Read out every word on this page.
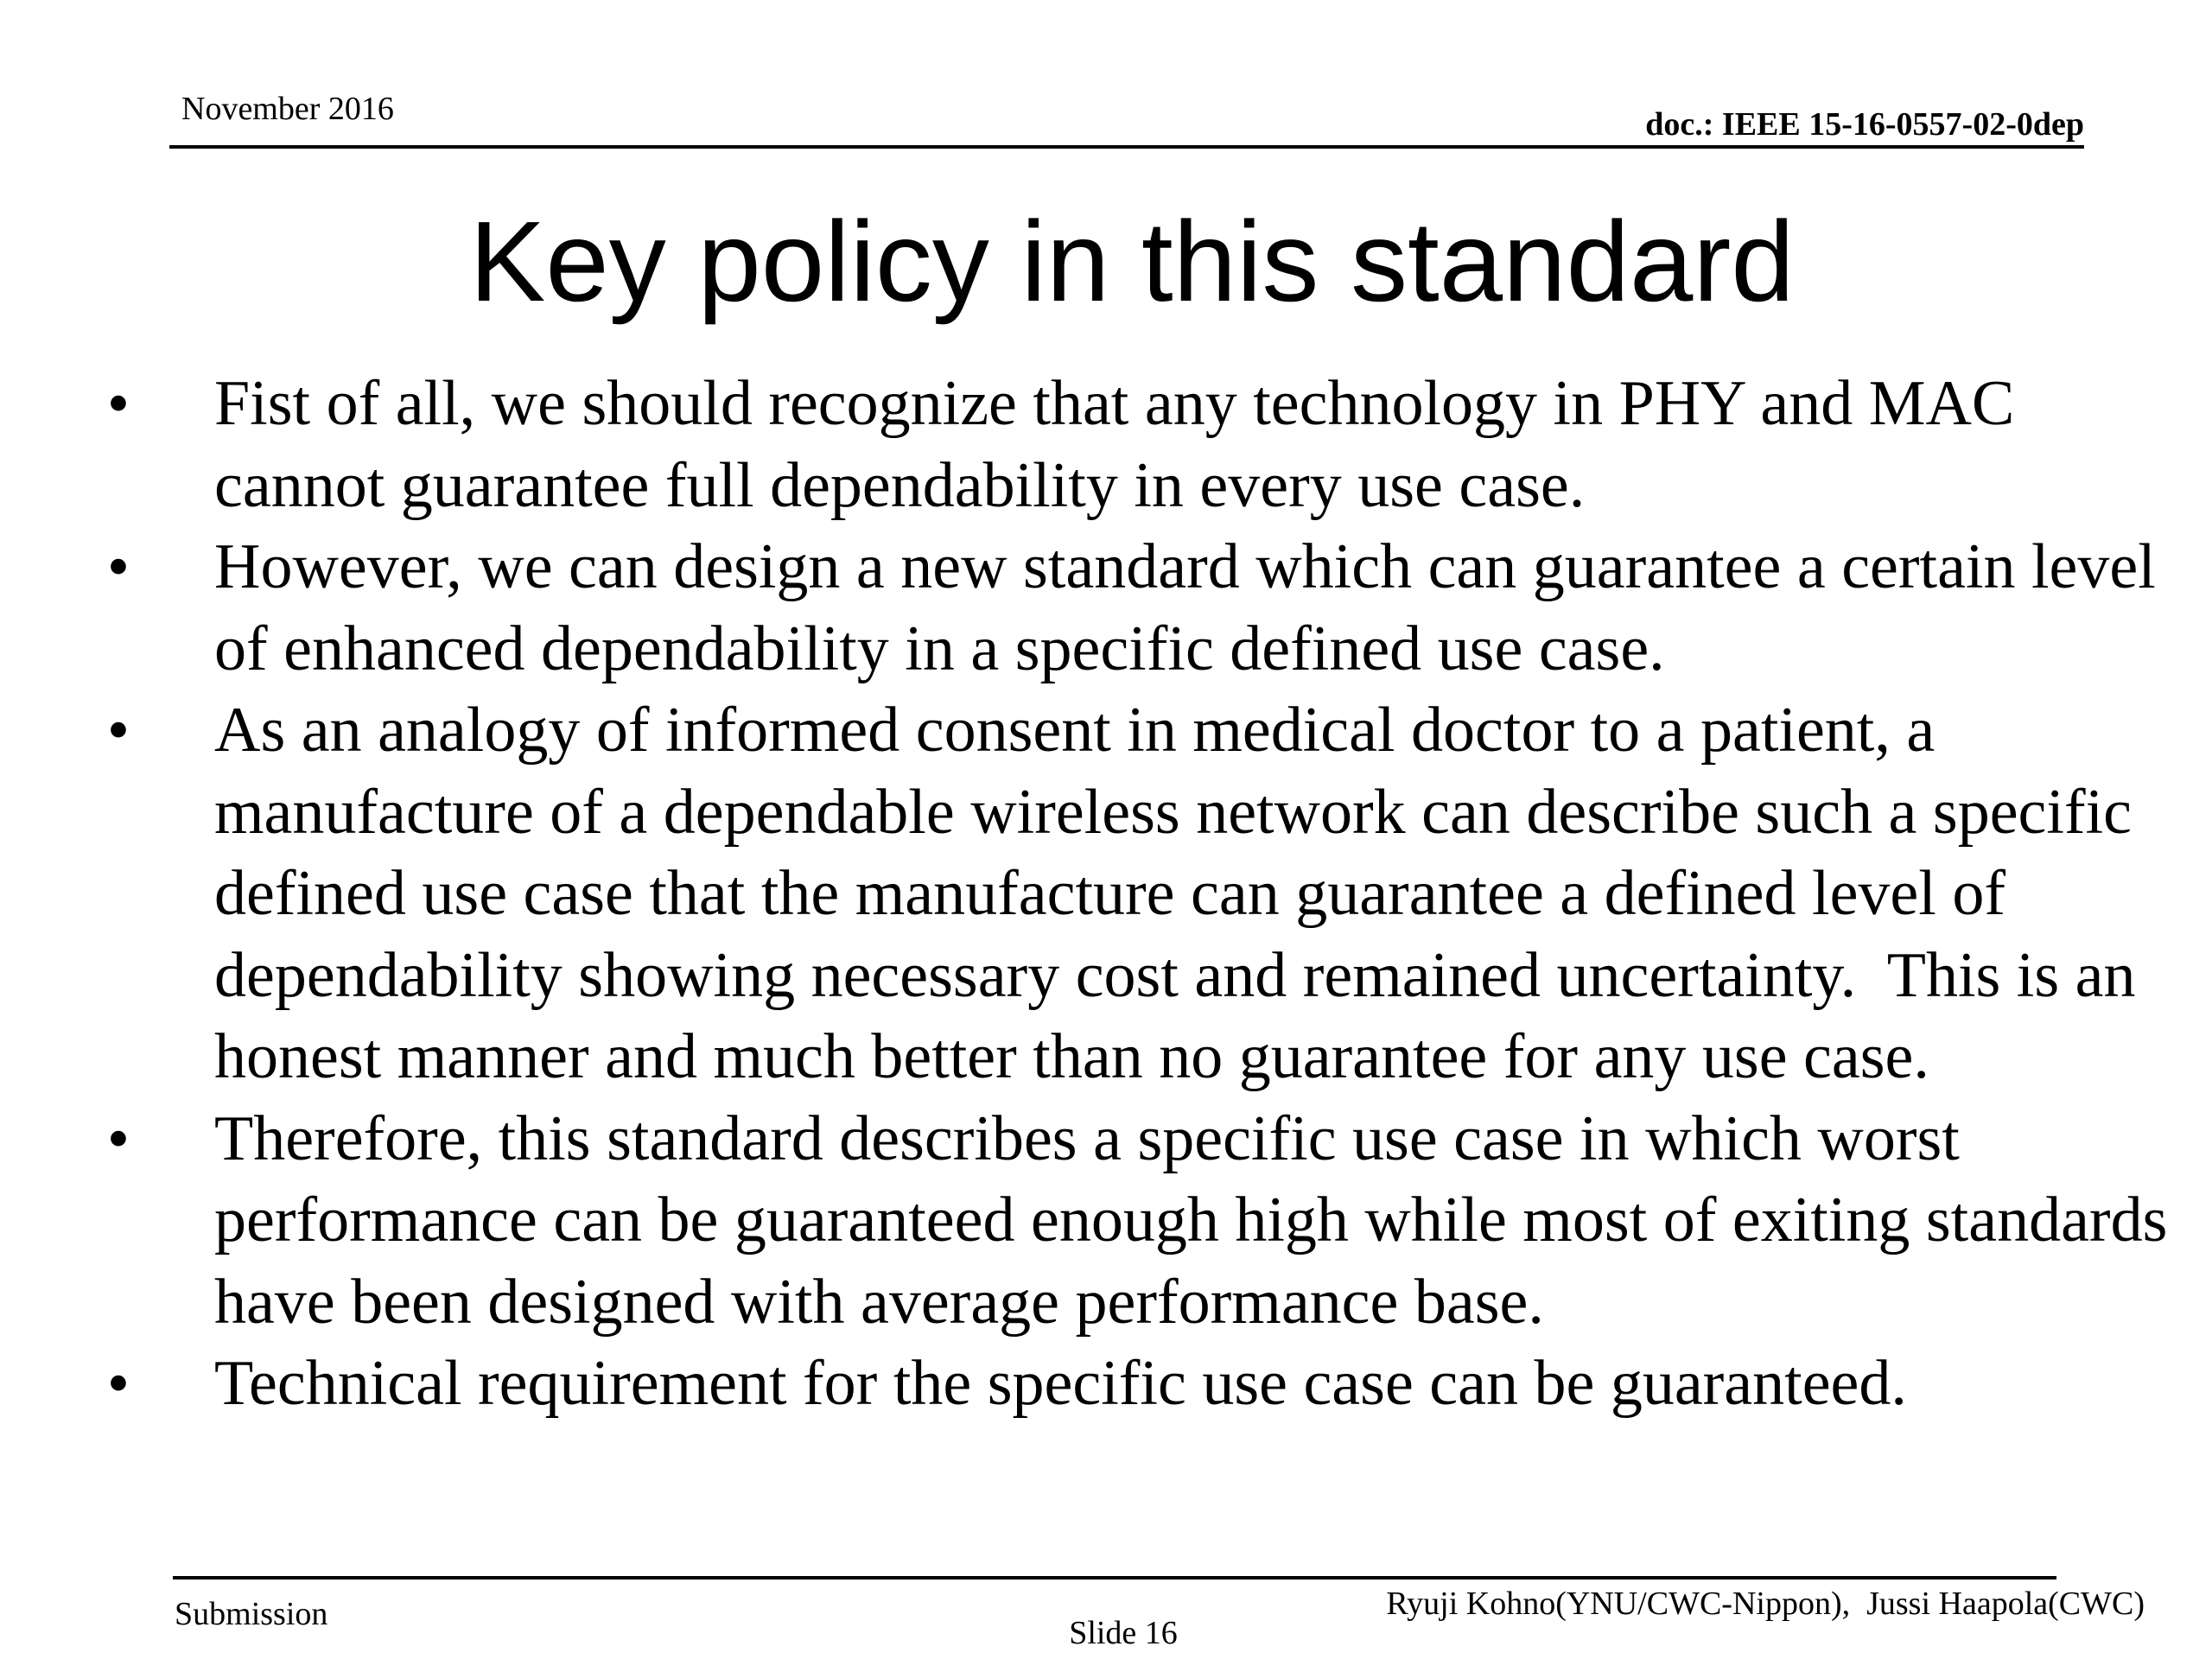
November 2016	doc.: IEEE 15-16-0557-02-0dep
Key policy in this standard
• Fist of all, we should recognize that any technology in PHY and MAC cannot guarantee full dependability in every use case.
• However, we can design a new standard which can guarantee a certain level of enhanced dependability in a specific defined use case.
• As an analogy of informed consent in medical doctor to a patient, a manufacture of a dependable wireless network can describe such a specific defined use case that the manufacture can guarantee a defined level of dependability showing necessary cost and remained uncertainty.  This is an honest manner and much better than no guarantee for any use case.
• Therefore, this standard describes a specific use case in which worst performance can be guaranteed enough high while most of exiting standards have been designed with average performance base.
• Technical requirement for the specific use case can be guaranteed.
Submission
Slide 16
Ryuji Kohno(YNU/CWC-Nippon),  Jussi Haapola(CWC)
